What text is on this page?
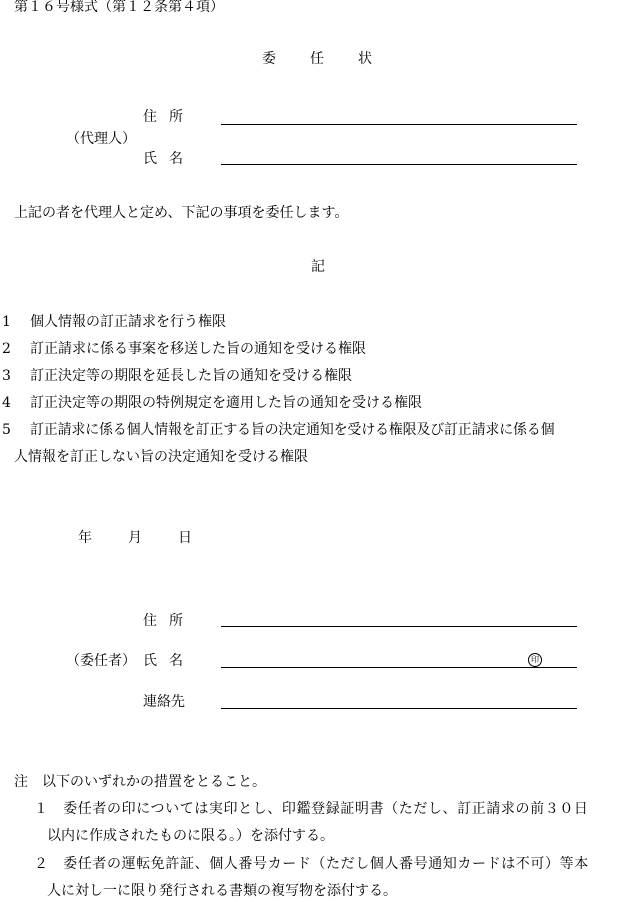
第１６号様式（第１２条第４項）
委任状
住所
（代理人）
氏名
上記の者を代理人と定め、下記の事項を委任します。
記
1 個人情報の訂正請求を行う権限
2 訂正請求に係る事案を移送した旨の通知を受ける権限
3 訂正決定等の期限を延長した旨の通知を受ける権限
4 訂正決定等の期限の特例規定を適用した旨の通知を受ける権限
5 訂正請求に係る個人情報を訂正する旨の決定通知を受ける権限及び訂正請求に係る個
人情報を訂正しない旨の決定通知を受ける権限
年月日
住所
（委任者） 氏名	印
連絡先
注　以下のいずれかの措置をとること。
１　委任者の印については実印とし、印鑑登録証明書（ただし、訂正請求の前３０日
以内に作成されたものに限る。）を添付する。
２　委任者の運転免許証、個人番号カード（ただし個人番号通知カードは不可）等本
人に対し一に限り発行される書類の複写物を添付する。
